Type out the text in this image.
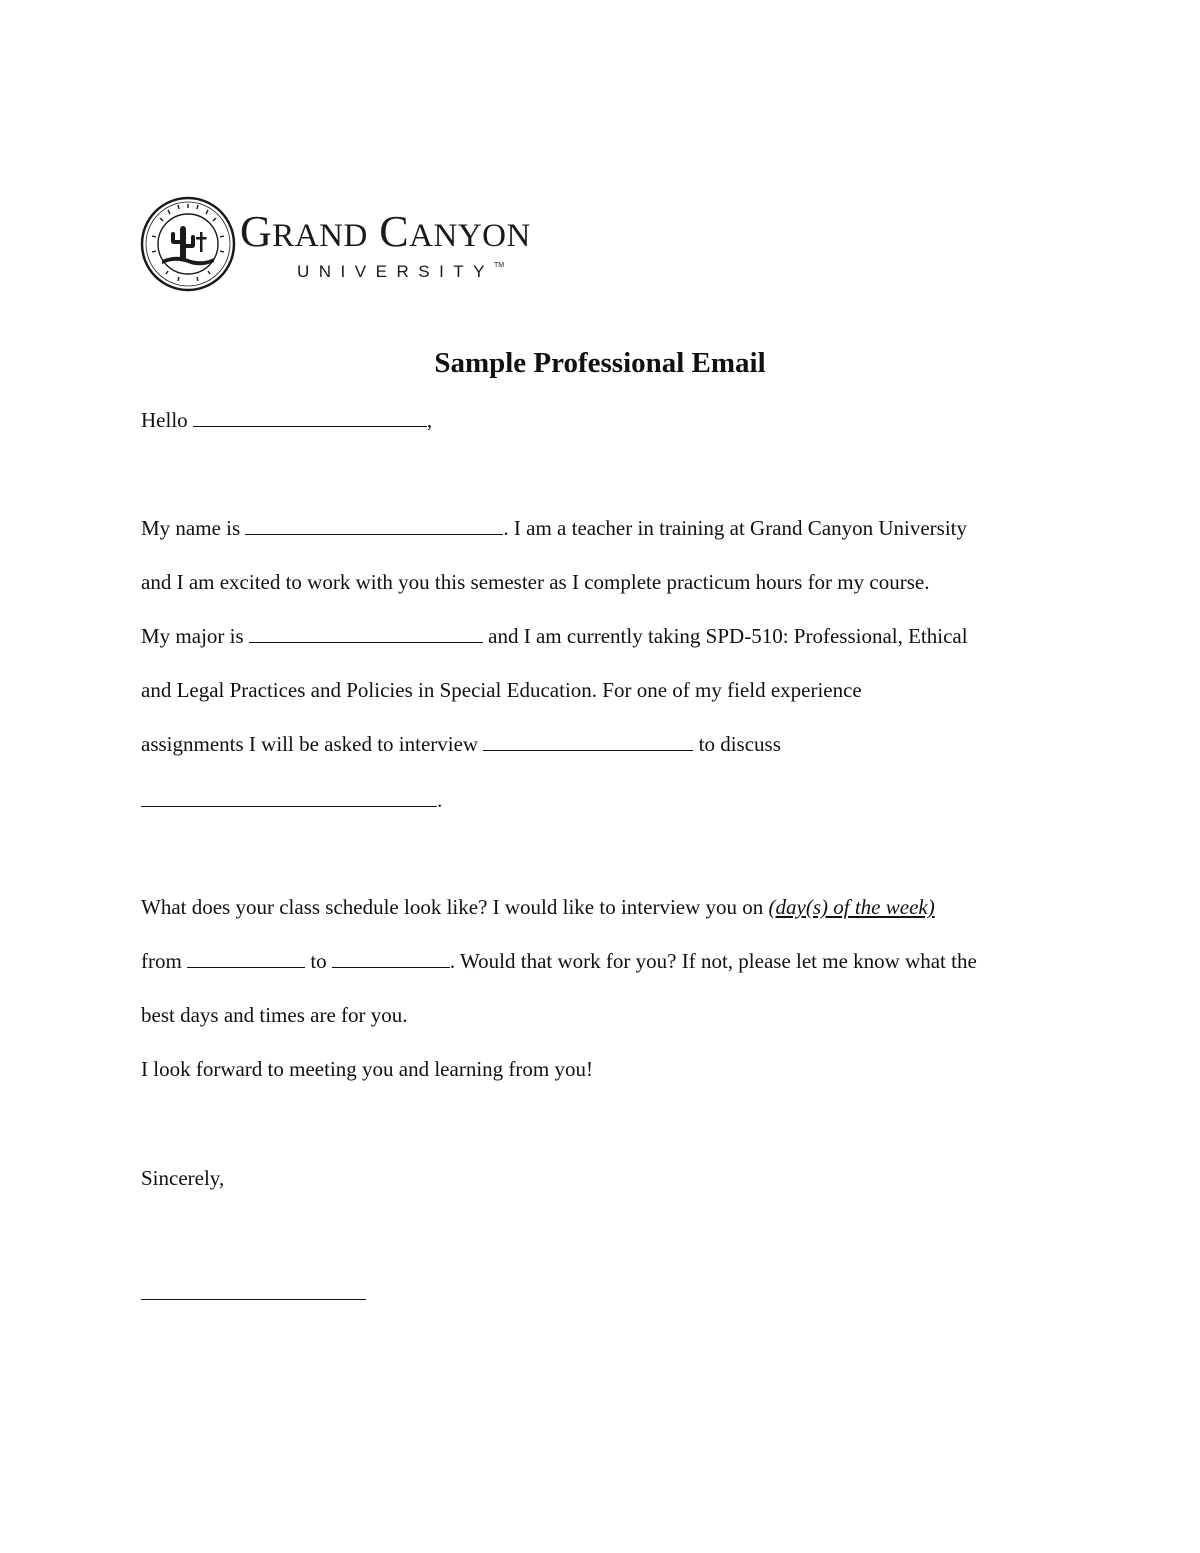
GRAND CANYON
UNIVERSITY™
Sample Professional Email
Hello	,
My name is	. I am a teacher in training at Grand Canyon University
and I am excited to work with you this semester as I complete practicum hours for my course.
My major is	and I am currently taking SPD-510: Professional, Ethical
and Legal Practices and Policies in Special Education. For one of my field experience
assignments I will be asked to interview	to discuss
.
What does your class schedule look like? I would like to interview you on (day(s) of the week)
from	to	. Would that work for you? If not, please let me know what the
best days and times are for you.
I look forward to meeting you and learning from you!
Sincerely,
